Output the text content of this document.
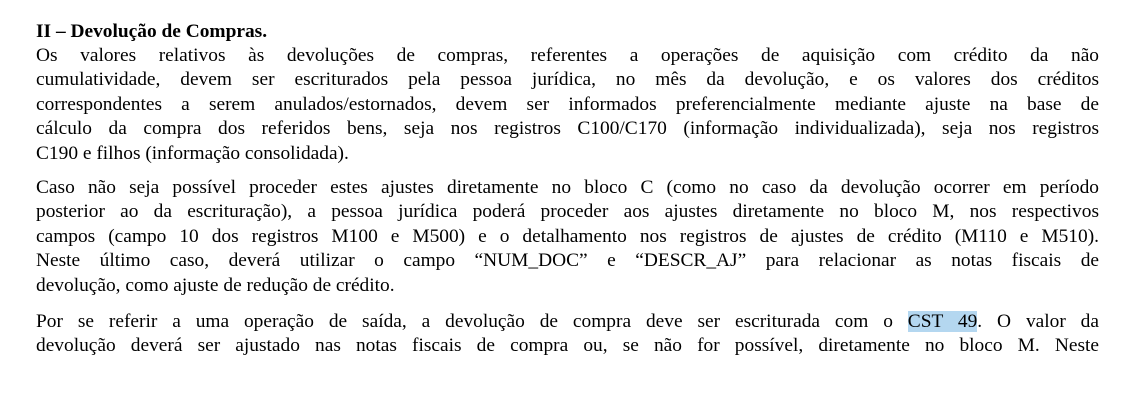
II – Devolução de Compras.

Os valores relativos às devoluções de compras, referentes a operações de aquisição com crédito da não
cumulatividade, devem ser escriturados pela pessoa jurídica, no mês da devolução, e os valores dos créditos
correspondentes a serem anulados/estornados, devem ser informados preferencialmente mediante ajuste na base de
cálculo da compra dos referidos bens, seja nos registros C100/C170 (informação individualizada), seja nos registros
C190 e filhos (informação consolidada).

Caso não seja possível proceder estes ajustes diretamente no bloco C (como no caso da devolução ocorrer em período
posterior ao da escrituração), a pessoa jurídica poderá proceder aos ajustes diretamente no bloco M, nos respectivos
campos (campo 10 dos registros M100 e M500) e o detalhamento nos registros de ajustes de crédito (M110 e M510).
Neste último caso, deverá utilizar o campo “NUM_DOC” e “DESCR_AJ” para relacionar as notas fiscais de
devolução, como ajuste de redução de crédito.

Por se referir a uma operação de saída, a devolução de compra deve ser escriturada com o CST 49. O valor da
devolução deverá ser ajustado nas notas fiscais de compra ou, se não for possível, diretamente no bloco M. Neste
